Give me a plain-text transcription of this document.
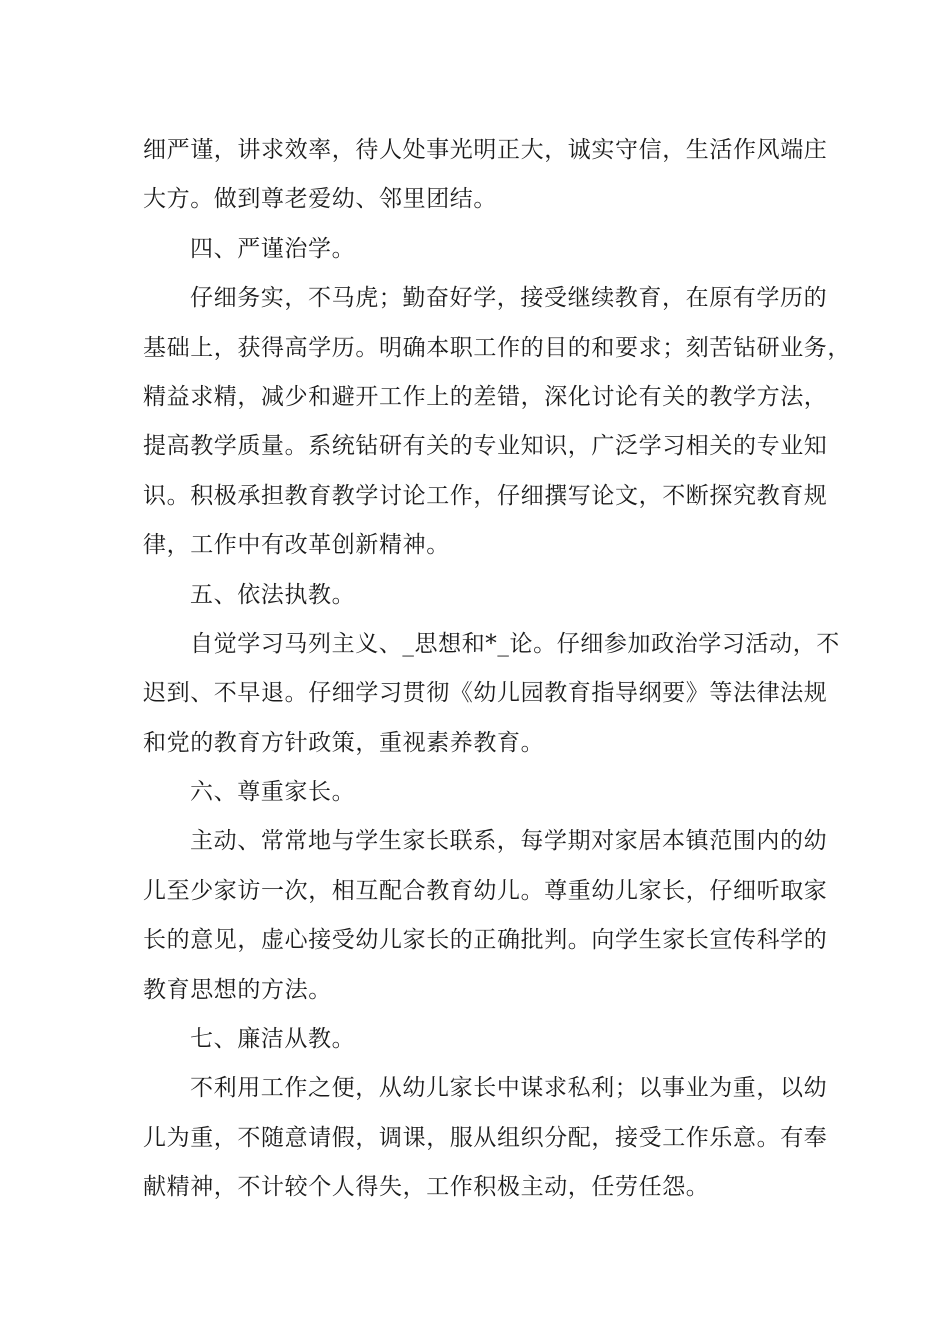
细严谨，讲求效率，待人处事光明正大，诚实守信，生活作风端庄
大方。做到尊老爱幼、邻里团结。
四、严谨治学。
仔细务实，不马虎；勤奋好学，接受继续教育，在原有学历的
基础上，获得高学历。明确本职工作的目的和要求；刻苦钻研业务，
精益求精，减少和避开工作上的差错，深化讨论有关的教学方法，
提高教学质量。系统钻研有关的专业知识，广泛学习相关的专业知
识。积极承担教育教学讨论工作，仔细撰写论文，不断探究教育规
律，工作中有改革创新精神。
五、依法执教。
自觉学习马列主义、_思想和*_论。仔细参加政治学习活动，不
迟到、不早退。仔细学习贯彻《幼儿园教育指导纲要》等法律法规
和党的教育方针政策，重视素养教育。
六、尊重家长。
主动、常常地与学生家长联系，每学期对家居本镇范围内的幼
儿至少家访一次，相互配合教育幼儿。尊重幼儿家长，仔细听取家
长的意见，虚心接受幼儿家长的正确批判。向学生家长宣传科学的
教育思想的方法。
七、廉洁从教。
不利用工作之便，从幼儿家长中谋求私利；以事业为重，以幼
儿为重，不随意请假，调课，服从组织分配，接受工作乐意。有奉
献精神，不计较个人得失，工作积极主动，任劳任怨。
